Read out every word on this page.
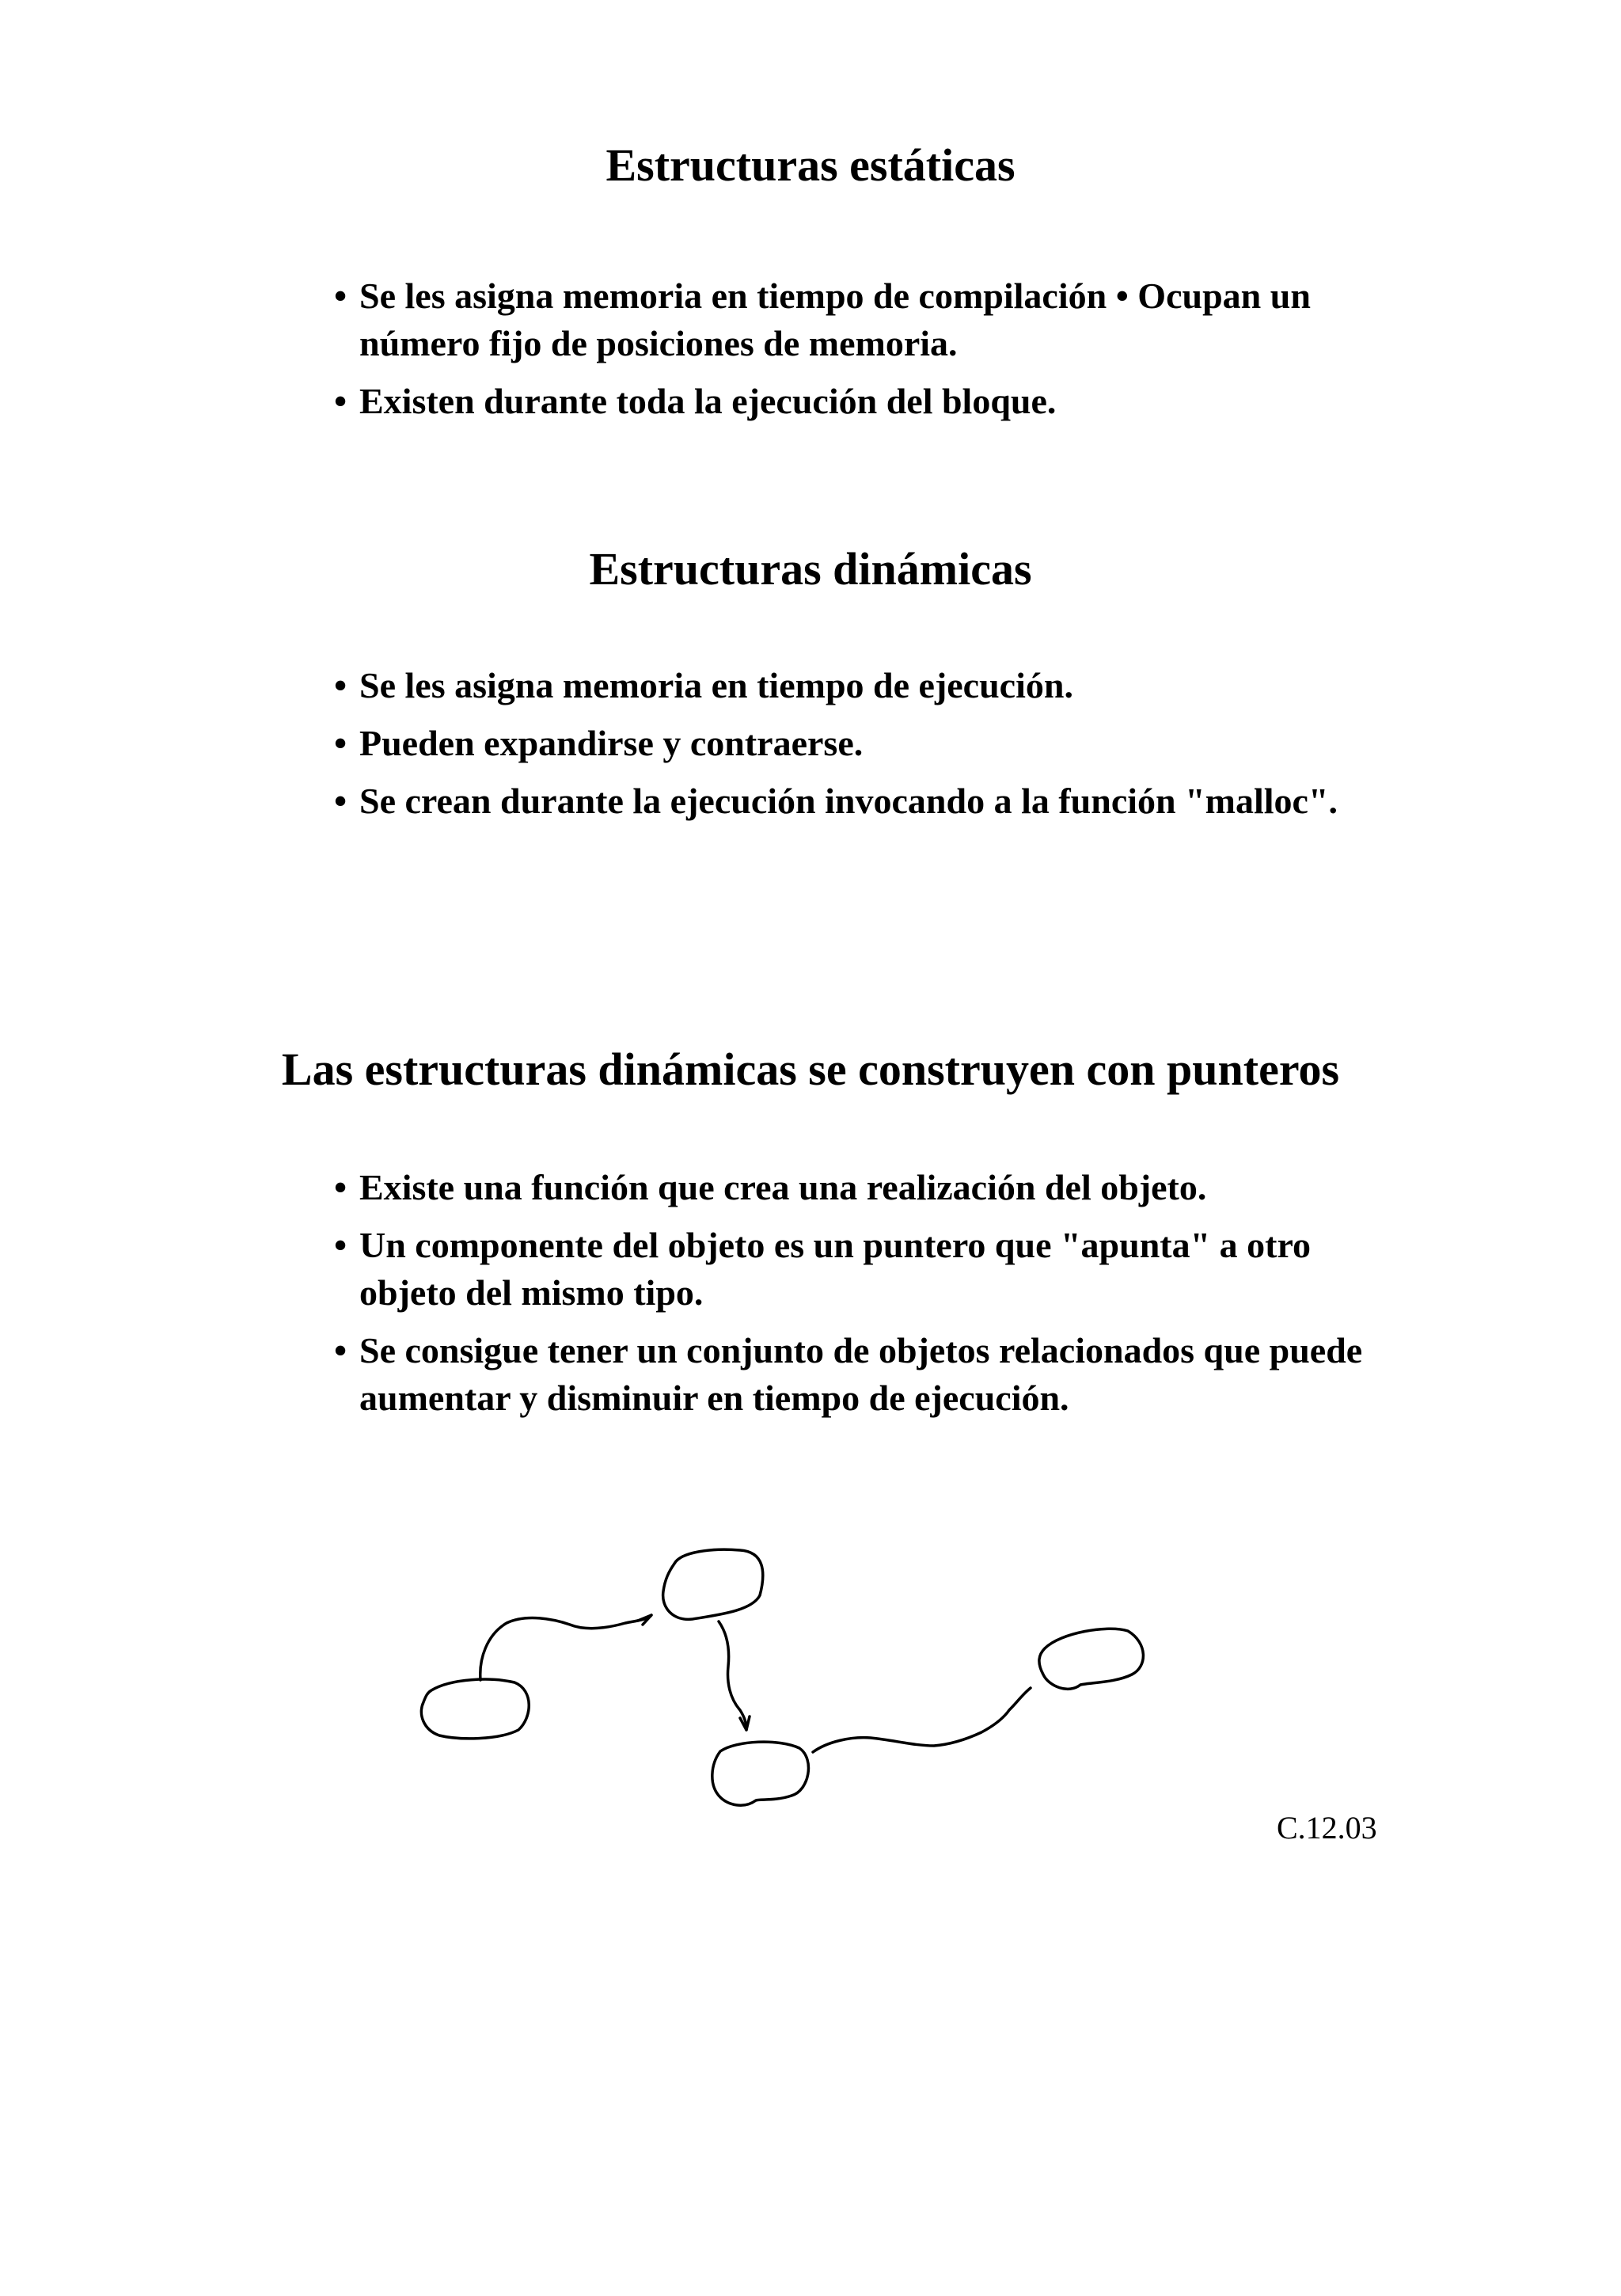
Estructuras estáticas
• Se les asigna memoria en tiempo de compilación • Ocupan un número fijo de posiciones de memoria.
• Existen durante toda la ejecución del bloque.
Estructuras dinámicas
• Se les asigna memoria en tiempo de ejecución.
• Pueden expandirse y contraerse.
• Se crean durante la ejecución invocando a la función "malloc".
Las estructuras dinámicas se construyen con punteros
• Existe una función que crea una realización del objeto.
• Un componente del objeto es un puntero que "apunta" a otro objeto del mismo tipo.
• Se consigue tener un conjunto de objetos relacionados que puede aumentar y disminuir en tiempo de ejecución.
C.12.03
